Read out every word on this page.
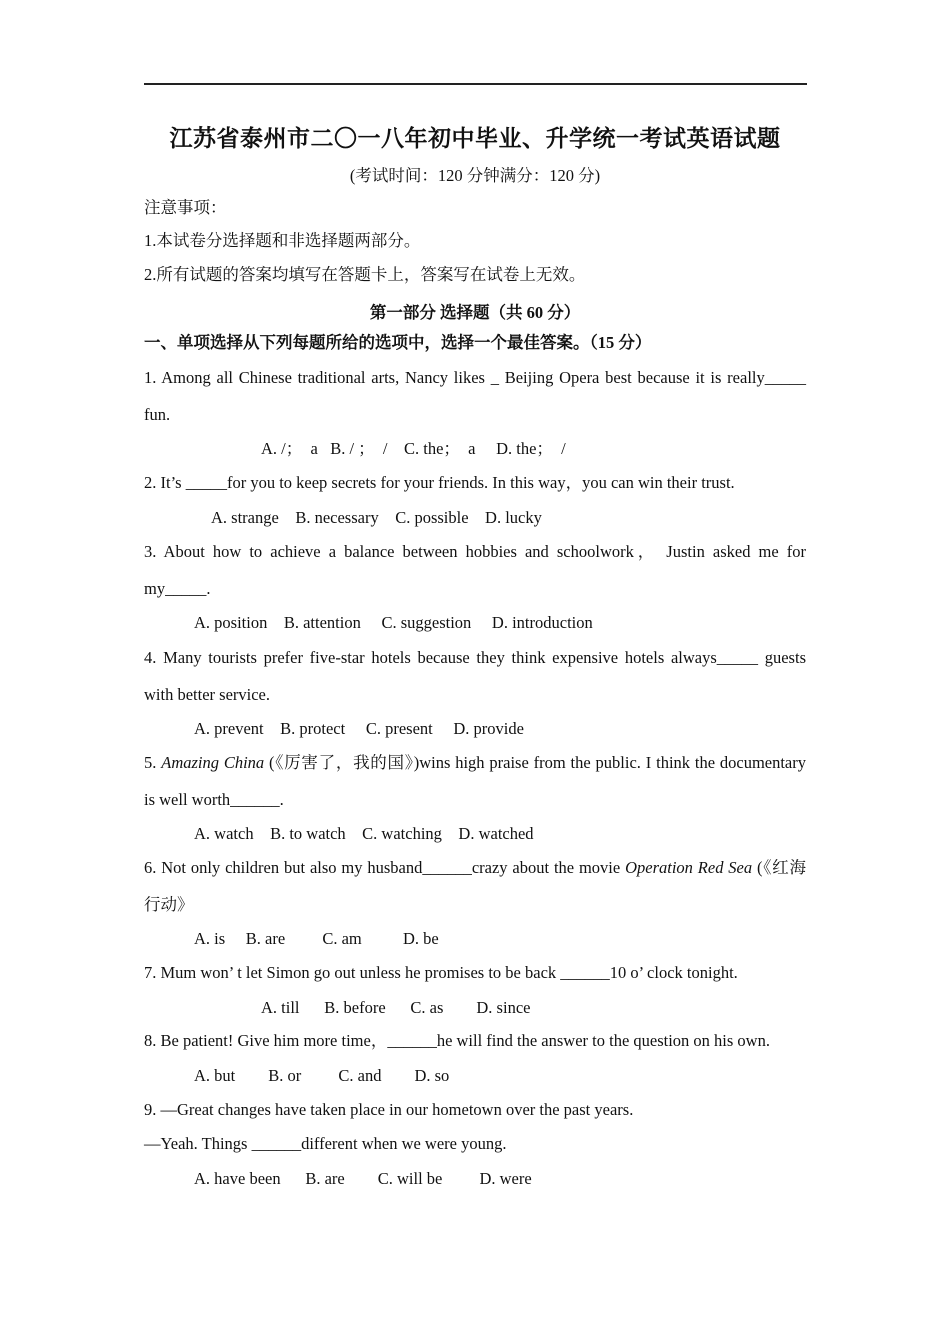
江苏省泰州市二〇一八年初中毕业、升学统一考试英语试题
(考试时间：120 分钟满分：120 分)
注意事项：
1.本试卷分选择题和非选择题两部分。
2.所有试题的答案均填写在答题卡上，答案写在试卷上无效。
第一部分 选择题（共 60 分）
一、单项选择从下列每题所给的选项中，选择一个最佳答案。（15 分）
1. Among all Chinese traditional arts, Nancy likes _ Beijing Opera best because it is really_____
fun.
A. /；  a   B. / ；  /    C. the；  a     D. the；  /
2. It’s _____for you to keep secrets for your friends. In this way，you can win their trust.
A. strange    B. necessary    C. possible    D. lucky
3. About how to achieve a balance between hobbies and schoolwork， Justin asked me for
my_____.
A. position    B. attention     C. suggestion     D. introduction
4. Many tourists prefer five-star hotels because they think expensive hotels always_____ guests
with better service.
A. prevent    B. protect     C. present     D. provide
5. Amazing China (《厉害了，我的国》)wins high praise from the public. I think the documentary
is well worth______.
A. watch    B. to watch    C. watching    D. watched
6. Not only children but also my husband______crazy about the movie Operation Red Sea (《红海
行动》
A. is     B. are         C. am          D. be
7. Mum won’ t let Simon go out unless he promises to be back ______10 o’ clock tonight.
A. till      B. before      C. as        D. since
8. Be patient! Give him more time，______he will find the answer to the question on his own.
A. but        B. or         C. and        D. so
9. —Great changes have taken place in our hometown over the past years.
—Yeah. Things ______different when we were young.
A. have been      B. are        C. will be         D. were
